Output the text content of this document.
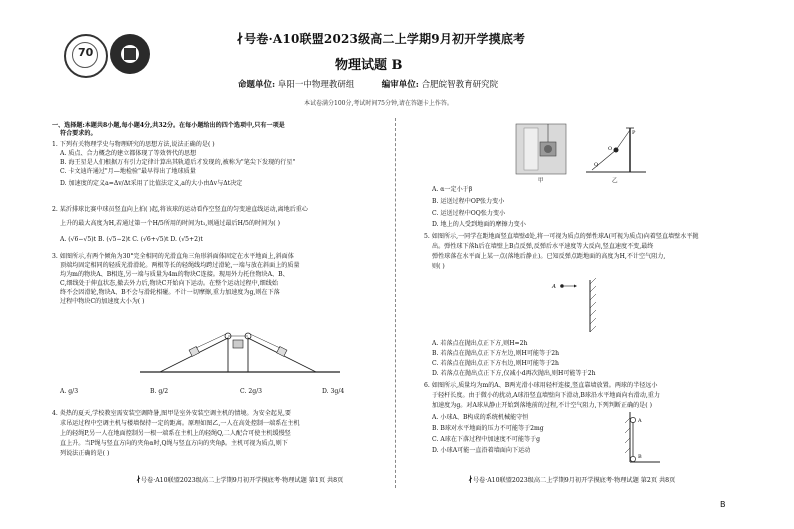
70
∤号卷·A10联盟2023级高二上学期9月初开学摸底考
物理试题 B
命题单位: 阜阳一中物理教研组	编审单位: 合肥皖智教育研究院
本试卷满分100分,考试时间75分钟,请在答题卡上作答。
一、选择题:本题共8小题,每小题4分,共32分。在每小题给出的四个选项中,只有一项是
符合要求的。
1. 下列有关物理学史与物理研究的思想方法,说法正确的是( )
A. 质点、合力概念的建立都体现了等效替代的思想
B. 海王星是人们根据万有引力定律计算出其轨道后才发现的,被称为"笔尖下发现的行星"
C. 卡文迪许通过"月—地检验"最早得出了地球质量
D. 加速度的定义a=Δv/Δt采用了比值法定义,a的大小由Δv与Δt决定
2. 某沂排球比赛中球员竖直向上拍( )起,将该球的运动看作空竖直的匀变速直线运动,离地后重心
上升的最大高度为H,若通过第一个H/5所用的时间为t₁,则通过最后H/5的时间为( )
A. (√6−√5)t B. (√5−2)t C. (√6+√5)t D. (√5+2)t
3. 如图所示,有两个倾角为30°完全相同的光滑直角三角形斜面体固定在水平地面上,斜面体
顶端均固定相同的轻质光滑滑轮。两根等长的轻绳线均跨过滑轮,一端与放在斜面上的质量
均为m的物块A、B相连,另一端与质量为4m的物块C连接。现用外力托住物块A、B、
C,细线处于伸直状态,撤去外力后,物块C开始向下运动。在整个运动过程中,细线始
终不会因滑轮,物块A、B不会与滑轮相碰。不计一切摩擦,重力加速度为g,则在下落
过程中物块C的加速度大小为( )
A. g/3	B. g/2	C. 2g/3	D. 3g/4
4. 炎热的夏天,学校教室需安装空调降暑,图甲是室外安装空调主机的情境。为安全起见,要
求吊运过程中空调主机与楼墙保持一定的距离。原理如图乙,一人在高处控制一端系在主机
上的轻绳P,另一人在地面控制另一根一端系在主机上的轻绳Q,二人配合可使主机缓慢竖
直上升。当P绳与竖直方向的夹角α时,Q绳与竖直方向的夹角β。主机可视为质点,则下
列说法正确的是( )
甲
P
O
Q
乙
A. α一定小于β
B. 运送过程中OP张力变小
C. 运送过程中OQ张力变小
D. 地上的人受到地面的摩擦力变小
5. 如图所示,一同学在距地面竖直墙壁d处,将一可视为质点的弹性球A(可视为质点)向着竖直墙壁水平抛
出。弹性球下落h后在墙壁上B点反弹,反弹后水平速度等大反向,竖直速度不变,最终
弹性球落在水平面上某一点(落地后静止)。已知反弹点距地面的高度为H,不计空气阻力,
则( )
A
A. 若落点在抛出点正下方,则H=2h
B. 若落点在抛出点正下方左边,则H可能等于2h
C. 若落点在抛出点正下方右边,则H可能等于2h
D. 若落点在抛出点正下方,仅减小d再次抛出,则H可能等于2h
6. 如图所示,质量均为m的A、B两光滑小球用轻杆连接,竖直靠墙放置。两球的半径远小
于轻杆长度。由于微小的扰动,A球沿竖直墙壁向下滑动,B球沿水平地面向右滑动,重力
加速度为g。对A球从静止开始到落地前的过程,不计空气阻力,下列判断正确的是( )
A. 小球A、B构成的系统机械能守恒
B. B球对水平地面的压力不可能等于2mg
C. A球在下落过程中加速度不可能等于g
D. 小球A可能一直沿着墙面向下运动
A
B
∤号卷·A10联盟2023级高二上学期9月初开学摸底考·物理试题 第1页 共8页	∤号卷·A10联盟2023级高二上学期9月初开学摸底考·物理试题 第2页 共8页
B
